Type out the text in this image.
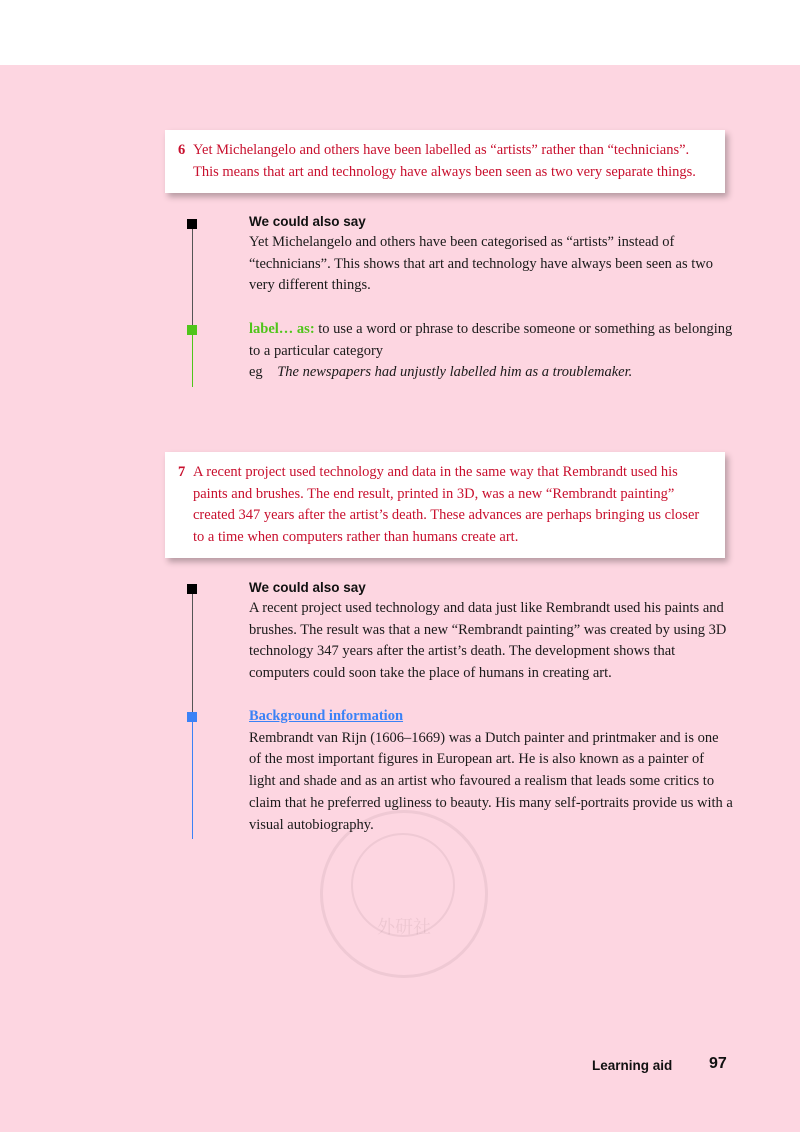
外研社
6 Yet Michelangelo and others have been labelled as “artists” rather than “technicians”. This means that art and technology have always been seen as two very separate things.
We could also say
Yet Michelangelo and others have been categorised as “artists” instead of “technicians”. This shows that art and technology have always been seen as two very different things.
label… as: to use a word or phrase to describe someone or something as belonging to a particular category
eg The newspapers had unjustly labelled him as a troublemaker.
7 A recent project used technology and data in the same way that Rembrandt used his paints and brushes. The end result, printed in 3D, was a new “Rembrandt painting” created 347 years after the artist’s death. These advances are perhaps bringing us closer to a time when computers rather than humans create art.
We could also say
A recent project used technology and data just like Rembrandt used his paints and brushes. The result was that a new “Rembrandt painting” was created by using 3D technology 347 years after the artist’s death. The development shows that computers could soon take the place of humans in creating art.
Background information
Rembrandt van Rijn (1606–1669) was a Dutch painter and printmaker and is one of the most important figures in European art. He is also known as a painter of light and shade and as an artist who favoured a realism that leads some critics to claim that he preferred ugliness to beauty. His many self-portraits provide us with a visual autobiography.
Learning aid 97
